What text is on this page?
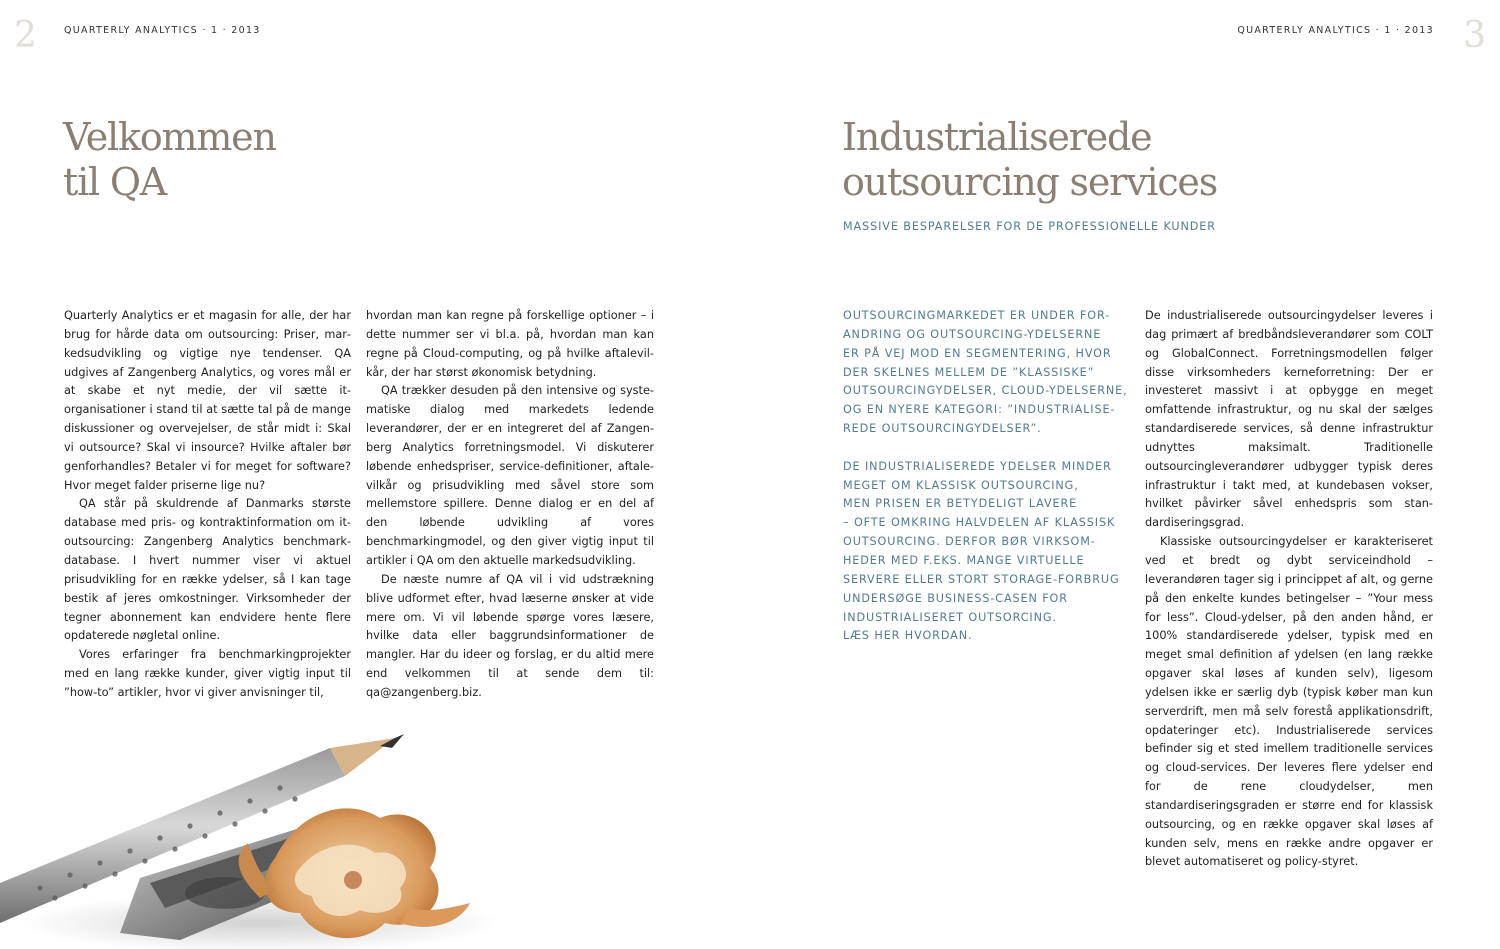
2	QUARTERLY ANALYTICS · 1 · 2013
Velkommen
til QA

Quarterly Analytics er et magasin for alle, der har brug for hårde data om outsourcing: Priser, markedsudvikling og vigtige nye tendenser. QA udgives af Zangenberg Analytics, og vores mål er at skabe et nyt medie, der vil sætte it-organisationer i stand til at sætte tal på de mange diskussioner og overvejelser, de står midt i: Skal vi outsource? Skal vi insource? Hvilke aftaler bør genforhandles? Betaler vi for meget for software? Hvor meget falder priserne lige nu?

QA står på skuldrende af Danmarks største database med pris- og kontraktinformation om it-outsourcing: Zangenberg Analytics benchmarkdatabase. I hvert nummer viser vi aktuel prisudvikling for en række ydelser, så I kan tage bestik af jeres omkostninger. Virksomheder der tegner abonnement kan endvidere hente flere opdaterede nøgletal online.

Vores erfaringer fra benchmarkingprojekter med en lang række kunder, giver vigtig input til ”how-to” artikler, hvor vi giver anvisninger til,

hvordan man kan regne på forskellige optioner – i dette nummer ser vi bl.a. på, hvordan man kan regne på Cloud-computing, og på hvilke aftalevilkår, der har størst økonomisk betydning.

QA trækker desuden på den intensive og systematiske dialog med markedets ledende leverandører, der er en integreret del af Zangenberg Analytics forretningsmodel. Vi diskuterer løbende enhedspriser, service-definitioner, aftalevilkår og prisudvikling med såvel store som mellemstore spillere. Denne dialog er en del af den løbende udvikling af vores benchmarkingmodel, og den giver vigtig input til artikler i QA om den aktuelle markedsudvikling.

De næste numre af QA vil i vid udstrækning blive udformet efter, hvad læserne ønsker at vide mere om. Vi vil løbende spørge vores læsere, hvilke data eller baggrundsinformationer de mangler. Har du ideer og forslag, er du altid mere end velkommen til at sende dem til: qa@zangenberg.biz.

3
QUARTERLY ANALYTICS · 1 · 2013
Industrialiserede
outsourcing services
MASSIVE BESPARELSER FOR DE PROFESSIONELLE KUNDER

OUTSOURCINGMARKEDET ER UNDER FOR-
ANDRING OG OUTSOURCING-YDELSERNE
ER PÅ VEJ MOD EN SEGMENTERING, HVOR
DER SKELNES MELLEM DE ”KLASSISKE”
OUTSOURCINGYDELSER, CLOUD-YDELSERNE,
OG EN NYERE KATEGORI: ”INDUSTRIALISE-
REDE OUTSOURCINGYDELSER”.

DE INDUSTRIALISEREDE YDELSER MINDER
MEGET OM KLASSISK OUTSOURCING,
MEN PRISEN ER BETYDELIGT LAVERE
– OFTE OMKRING HALVDELEN AF KLASSISK
OUTSOURCING. DERFOR BØR VIRKSOM-
HEDER MED F.EKS. MANGE VIRTUELLE
SERVERE ELLER STORT STORAGE-FORBRUG
UNDERSØGE BUSINESS-CASEN FOR
INDUSTRIALISERET OUTSORCING.
LÆS HER HVORDAN.

De industrialiserede outsourcingydelser leveres i dag primært af bredbåndsleverandører som COLT og GlobalConnect. Forretningsmodellen følger disse virksomheders kerneforretning: Der er investeret massivt i at opbygge en meget omfattende infrastruktur, og nu skal der sælges standardiserede services, så denne infrastruktur udnyttes maksimalt. Traditionelle outsourcingleverandører udbygger typisk deres infrastruktur i takt med, at kundebasen vokser, hvilket påvirker såvel enhedspris som standardiseringsgrad.

Klassiske outsourcingydelser er karakteriseret ved et bredt og dybt serviceindhold – leverandøren tager sig i princippet af alt, og gerne på den enkelte kundes betingelser – ”Your mess for less”. Cloud-ydelser, på den anden hånd, er 100% standardiserede ydelser, typisk med en meget smal definition af ydelsen (en lang række opgaver skal løses af kunden selv), ligesom ydelsen ikke er særlig dyb (typisk køber man kun serverdrift, men må selv forestå applikationsdrift, opdateringer etc). Industrialiserede services befinder sig et sted imellem traditionelle services og cloud-services. Der leveres flere ydelser end for de rene cloudydelser, men standardiseringsgraden er større end for klassisk outsourcing, og en række opgaver skal løses af kunden selv, mens en række andre opgaver er blevet automatiseret og policy-styret.
